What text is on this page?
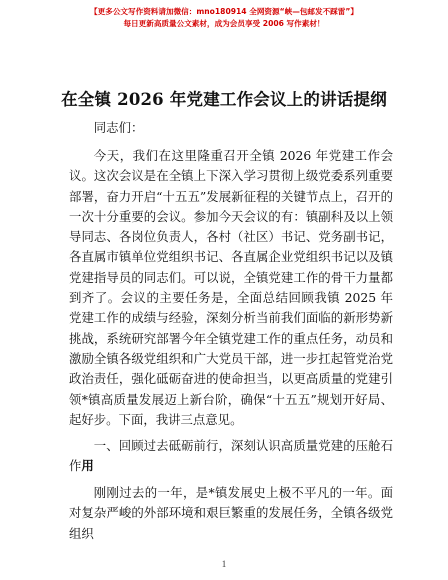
【更多公文写作资料请加微信：mno180914 全网资源“峡—包邮发不踩雷”】
每日更新高质量公文素材，成为会员享受 2006 写作素材！
在全镇 2026 年党建工作会议上的讲话提纲

同志们：

今天，我们在这里隆重召开全镇 2026 年党建工作会议。这次会议是在全镇上下深入学习贯彻上级党委系列重要部署，奋力开启“十五五”发展新征程的关键节点上，召开的一次十分重要的会议。参加今天会议的有：镇副科及以上领导同志、各岗位负责人，各村（社区）书记、党务副书记，各直属市镇单位党组织书记、各直属企业党组织书记以及镇党建指导员的同志们。可以说，全镇党建工作的骨干力量都到齐了。会议的主要任务是，全面总结回顾我镇 2025 年党建工作的成绩与经验，深刻分析当前我们面临的新形势新挑战，系统研究部署今年全镇党建工作的重点任务，动员和激励全镇各级党组织和广大党员干部，进一步扛起管党治党政治责任，强化砥砺奋进的使命担当，以更高质量的党建引领*镇高质量发展迈上新台阶，确保“十五五”规划开好局、起好步。下面，我讲三点意见。

一、回顾过去砥砺前行，深刻认识高质量党建的压舱石作用

刚刚过去的一年，是*镇发展史上极不平凡的一年。面对复杂严峻的外部环境和艰巨繁重的发展任务，全镇各级党组织

1
